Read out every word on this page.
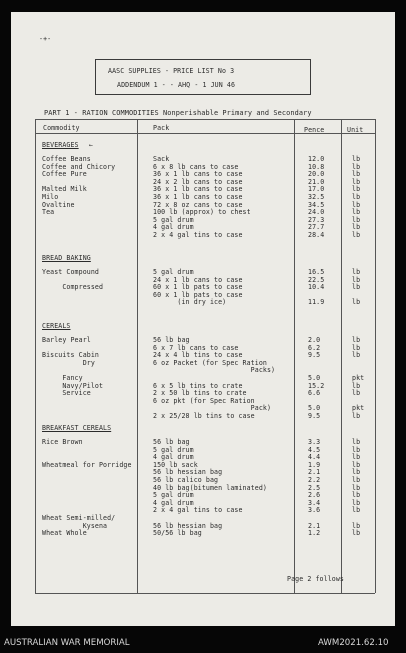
-+-
AASC SUPPLIES - PRICE LIST No 3
ADDENDUM 1 - - AHQ - 1 JUN 46
PART 1 - RATION COMMODITIES Nonperishable Primary and Secondary
Commodity	Pack	Pence	Unit
BEVERAGES ←
Coffee Beans	Sack	12.0	lb
Coffee and Chicory	6 x 8 lb cans to case	10.8	lb
Coffee Pure	36 x 1 lb cans to case	20.0	lb
24 x 2 lb cans to case	21.0	lb
Malted Milk	36 x 1 lb cans to case	17.0	lb
Milo	36 x 1 lb cans to case	32.5	lb
Ovaltine	72 x 8 oz cans to case	34.5	lb
Tea	100 lb (approx) to chest	24.0	lb
5 gal drum	27.3	lb
4 gal drum	27.7	lb
2 x 4 gal tins to case	28.4	lb
BREAD BAKING
Yeast Compound	5 gal drum	16.5	lb
24 x 1 lb cans to case	22.5	lb
Compressed	60 x 1 lb pats to case	10.4	lb
60 x 1 lb pats to case
(in dry ice)	11.9	lb
CEREALS
Barley Pearl	56 lb bag	2.0	lb
6 x 7 lb cans to case	6.2	lb
Biscuits Cabin	24 x 4 lb tins to case	9.5	lb
Dry	6 oz Packet (for Spec Ration
Packs)
Fancy	5.0	pkt
Navy/Pilot	6 x 5 lb tins to crate	15.2	lb
Service	2 x 50 lb tins to crate	6.6	lb
6 oz pkt (for Spec Ration
Pack)	5.0	pkt
2 x 25/28 lb tins to case	9.5	lb
BREAKFAST CEREALS
Rice Brown	56 lb bag	3.3	lb
5 gal drum	4.5	lb
4 gal drum	4.4	lb
Wheatmeal for Porridge	150 lb sack	1.9	lb
56 lb hessian bag	2.1	lb
56 lb calico bag	2.2	lb
40 lb bag(bitumen laminated)	2.5	lb
5 gal drum	2.6	lb
4 gal drum	3.4	lb
2 x 4 gal tins to case	3.6	lb
Wheat Semi-milled/
Kysena	56 lb hessian bag	2.1	lb
Wheat Whole	50/56 lb bag	1.2	lb
Page 2 follows
AUSTRALIAN WAR MEMORIAL	AWM2021.62.10
